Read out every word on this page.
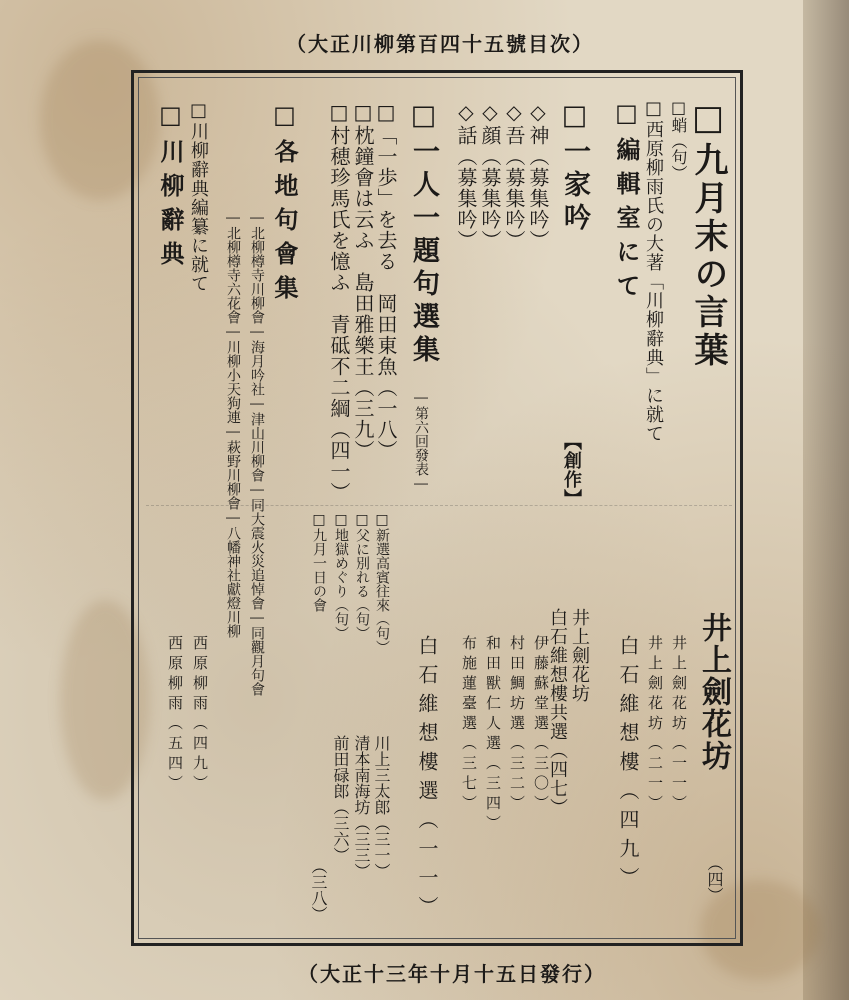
（大正川柳第百四十五號目次）
□九月末の言葉
□蛸（句）
□西原柳雨氏の大著「川柳辭典」に就て
□編輯室にて
□一家吟
【創作】
◇神（募集吟）
◇吾（募集吟）
◇顔（募集吟）
◇話（募集吟）
□一人一題句選集
―第六回發表―
□「一歩」を去る　岡田東魚（一八）
□枕鐘會は云ふ　島田雅樂王（三九）
□村穂珍馬氏を憶ふ　青砥不二綱（四一）
□各地句會集
―北柳樽寺川柳會―海月吟社―津山川柳會―同大震火災追悼會―同觀月句會
―北柳樽寺六花會―川柳小天狗連―萩野川柳會―八幡神社獻燈川柳
□川柳辭典編纂に就て
□川柳辭典
□新選高賓往來（句）
□父に別れる（句）
□地獄めぐり（句）
□九月一日の會
井上劍花坊
（四）
井上劍花坊（一一）
井上劍花坊（二一）
白石維想樓（四九）
井上劍花坊
白石維想樓共選（四七）
伊藤蘇堂選（三〇）
村田鯛坊選（三二）
和田獸仁人選（三四）
布施蓮臺選（三七）
白石維想樓選（一一）
川上三太郎（三一）
清本南海坊（三三）
前田碌郎（三六）
（三八）
西原柳雨（四九）
西原柳雨（五四）
（大正十三年十月十五日發行）
